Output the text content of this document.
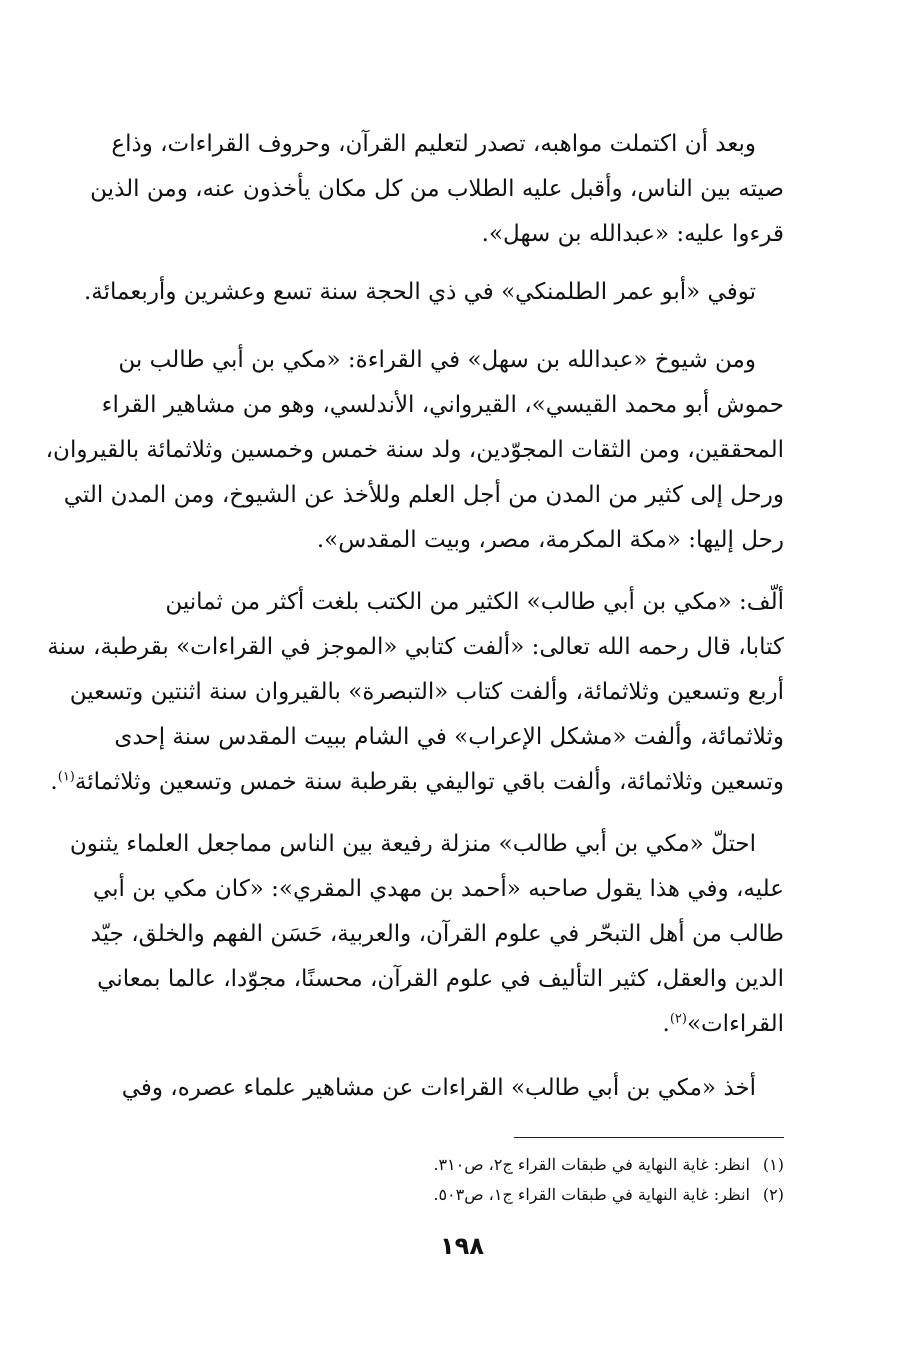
وبعد أن اكتملت مواهبه، تصدر لتعليم القرآن، وحروف القراءات، وذاع
صيته بين الناس، وأقبل عليه الطلاب من كل مكان يأخذون عنه، ومن الذين
قرءوا عليه: «عبدالله بن سهل».

توفي «أبو عمر الطلمنكي» في ذي الحجة سنة تسع وعشرين وأربعمائة.

ومن شيوخ «عبدالله بن سهل» في القراءة: «مكي بن أبي طالب بن
حموش أبو محمد القيسي»، القيرواني، الأندلسي، وهو من مشاهير القراء
المحققين، ومن الثقات المجوّدين، ولد سنة خمس وخمسين وثلاثمائة بالقيروان،
ورحل إلى كثير من المدن من أجل العلم وللأخذ عن الشيوخ، ومن المدن التي
رحل إليها: «مكة المكرمة، مصر، وبيت المقدس».

ألّف: «مكي بن أبي طالب» الكثير من الكتب بلغت أكثر من ثمانين
كتابا، قال رحمه الله تعالى: «ألفت كتابي «الموجز في القراءات» بقرطبة، سنة
أربع وتسعين وثلاثمائة، وألفت كتاب «التبصرة» بالقيروان سنة اثنتين وتسعين
وثلاثمائة، وألفت «مشكل الإعراب» في الشام ببيت المقدس سنة إحدى
وتسعين وثلاثمائة، وألفت باقي تواليفي بقرطبة سنة خمس وتسعين وثلاثمائة$^{(١)}$.

احتلّ «مكي بن أبي طالب» منزلة رفيعة بين الناس مماجعل العلماء يثنون
عليه، وفي هذا يقول صاحبه «أحمد بن مهدي المقري»: «كان مكي بن أبي
طالب من أهل التبحّر في علوم القرآن، والعربية، حَسَن الفهم والخلق، جيّد
الدين والعقل، كثير التأليف في علوم القرآن، محسنًا، مجوّدا، عالما بمعاني
القراءات»$^{(٢)}$.

أخذ «مكي بن أبي طالب» القراءات عن مشاهير علماء عصره، وفي

(١)انظر: غاية النهاية في طبقات القراء ج٢، ص٣١٠.
(٢)انظر: غاية النهاية في طبقات القراء ج١، ص٥٠٣.
١٩٨
